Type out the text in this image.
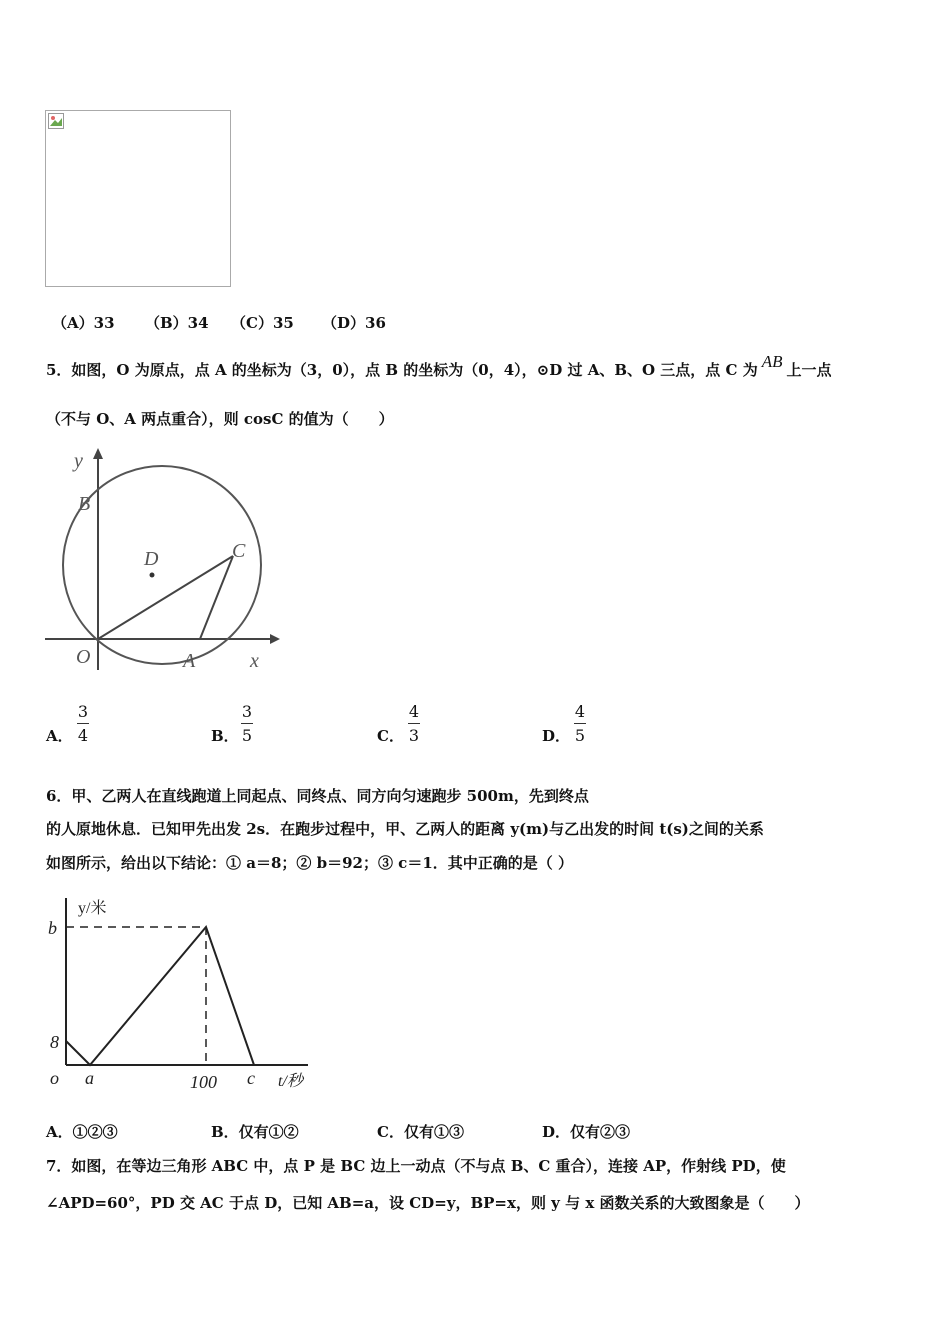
（A）33 （B）34 （C）35 （D）36
5．如图，O 为原点，点 A 的坐标为（3，0），点 B 的坐标为（0，4），⊙D 过 A、B、O 三点，点 C 为 AB 上一点
（不与 O、A 两点重合），则 cosC 的值为（　　）
y
x
B
D	C
O	A
A．
3
4	B．
3
5	C．
4
3	D．
4
5
6．甲、乙两人在直线跑道上同起点、同终点、同方向匀速跑步 500m，先到终点
的人原地休息．已知甲先出发 2s．在跑步过程中，甲、乙两人的距离 y(m)与乙出发的时间 t(s)之间的关系
如图所示，给出以下结论：① a＝8；② b＝92；③ c＝1．其中正确的是（ ）
y/米
t/秒
b
8
o a	100 c
A．①②③	B．仅有①②	C．仅有①③	D．仅有②③
7．如图，在等边三角形 ABC 中，点 P 是 BC 边上一动点（不与点 B、C 重合），连接 AP，作射线 PD，使
∠APD=60°，PD 交 AC 于点 D，已知 AB=a，设 CD=y，BP=x，则 y 与 x 函数关系的大致图象是（　　）
